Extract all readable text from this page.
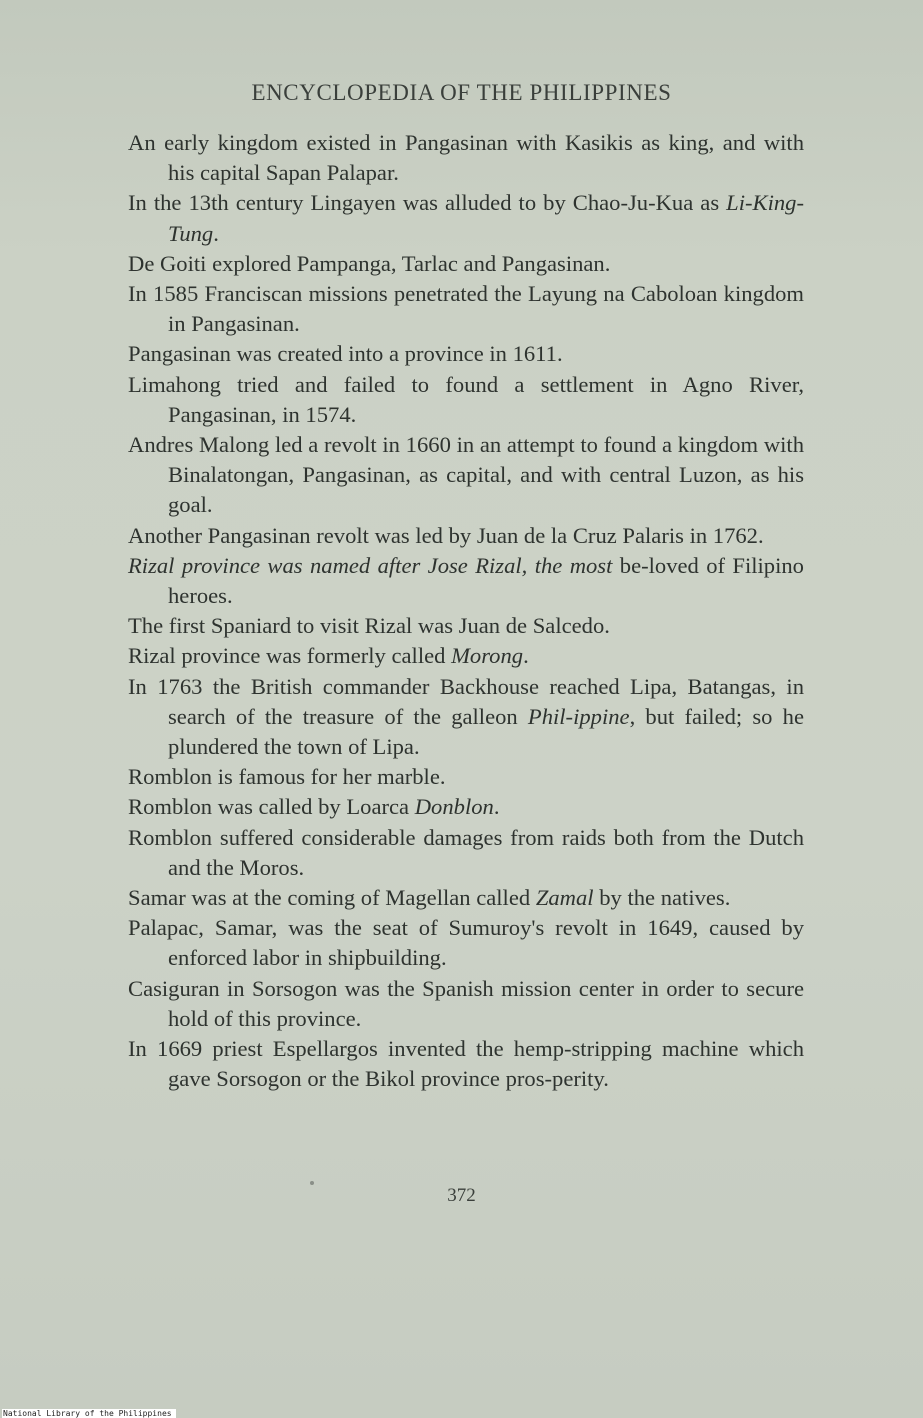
ENCYCLOPEDIA OF THE PHILIPPINES
An early kingdom existed in Pangasinan with Kasikis as king, and with his capital Sapan Palapar.
In the 13th century Lingayen was alluded to by Chao-Ju-Kua as Li-King-Tung.
De Goiti explored Pampanga, Tarlac and Pangasinan.
In 1585 Franciscan missions penetrated the Layung na Caboloan kingdom in Pangasinan.
Pangasinan was created into a province in 1611.
Limahong tried and failed to found a settlement in Agno River, Pangasinan, in 1574.
Andres Malong led a revolt in 1660 in an attempt to found a kingdom with Binalatongan, Pangasinan, as capital, and with central Luzon, as his goal.
Another Pangasinan revolt was led by Juan de la Cruz Palaris in 1762.
Rizal province was named after Jose Rizal, the most be-loved of Filipino heroes.
The first Spaniard to visit Rizal was Juan de Salcedo.
Rizal province was formerly called Morong.
In 1763 the British commander Backhouse reached Lipa, Batangas, in search of the treasure of the galleon Phil-ippine, but failed; so he plundered the town of Lipa.
Romblon is famous for her marble.
Romblon was called by Loarca Donblon.
Romblon suffered considerable damages from raids both from the Dutch and the Moros.
Samar was at the coming of Magellan called Zamal by the natives.
Palapac, Samar, was the seat of Sumuroy's revolt in 1649, caused by enforced labor in shipbuilding.
Casiguran in Sorsogon was the Spanish mission center in order to secure hold of this province.
In 1669 priest Espellargos invented the hemp-stripping machine which gave Sorsogon or the Bikol province pros-perity.
372
National Library of the Philippines
